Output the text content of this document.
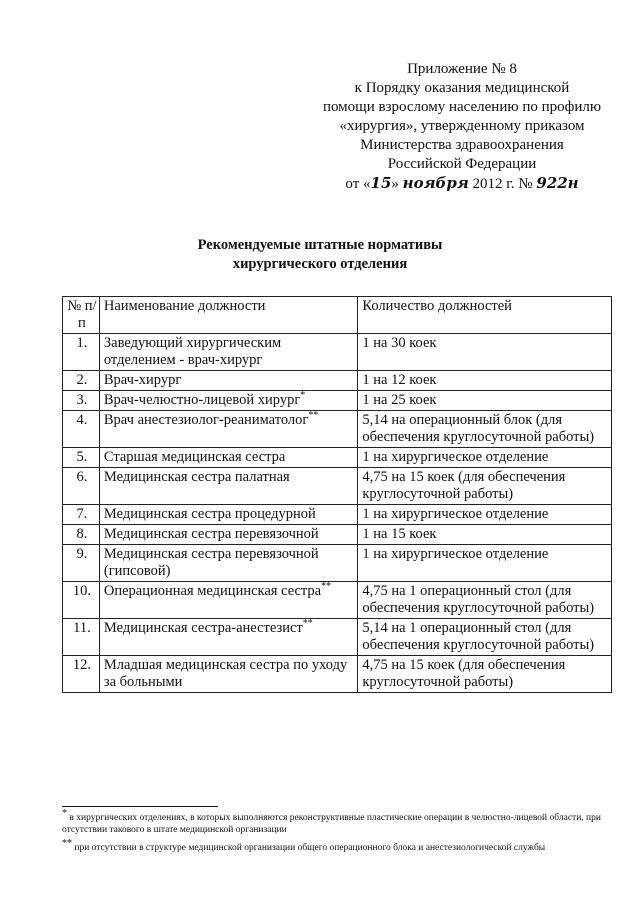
Приложение № 8
к Порядку оказания медицинской
помощи взрослому населению по профилю
«хирургия», утвержденному приказом
Министерства здравоохранения
Российской Федерации
от «15» ноября 2012 г. № 922н
Рекомендуемые штатные нормативы
хирургического отделения
№ п/п	Наименование должности	Количество должностей
1.	Заведующий хирургическим отделением - врач-хирург	1 на 30 коек
2.	Врач-хирург	1 на 12 коек
3.	Врач-челюстно-лицевой хирург*	1 на 25 коек
4.	Врач анестезиолог-реаниматолог**	5,14 на операционный блок (для обеспечения круглосуточной работы)
5.	Старшая медицинская сестра	1 на хирургическое отделение
6.	Медицинская сестра палатная	4,75 на 15 коек (для обеспечения круглосуточной работы)
7.	Медицинская сестра процедурной	1 на хирургическое отделение
8.	Медицинская сестра перевязочной	1 на 15 коек
9.	Медицинская сестра перевязочной (гипсовой)	1 на хирургическое отделение
10.	Операционная медицинская сестра**	4,75 на 1 операционный стол (для обеспечения круглосуточной работы)
11.	Медицинская сестра-анестезист**	5,14 на 1 операционный стол (для обеспечения круглосуточной работы)
12.	Младшая медицинская сестра по уходу за больными	4,75 на 15 коек (для обеспечения круглосуточной работы)
* в хирургических отделениях, в которых выполняются реконструктивные пластические операции в челюстно-лицевой области, при отсутствии такового в штате медицинской организации
** при отсутствии в структуре медицинской организации общего операционного блока и анестезиологической службы
